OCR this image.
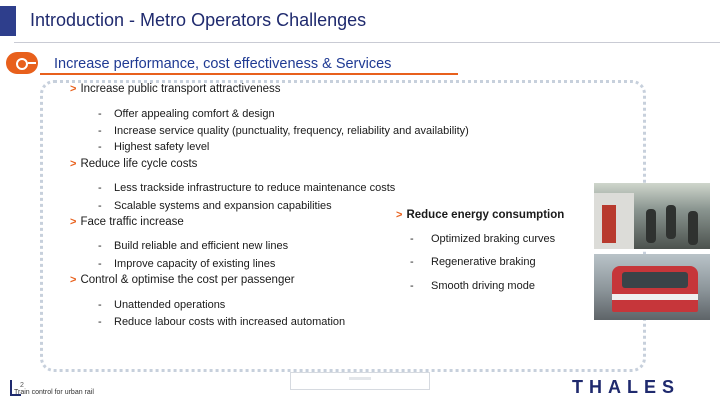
Introduction - Metro Operators Challenges
Increase performance, cost effectiveness & Services
> Increase public transport attractiveness
- Offer appealing comfort & design
- Increase service quality (punctuality, frequency, reliability and availability)
- Highest safety level
> Reduce life cycle costs
- Less trackside infrastructure to reduce maintenance costs
- Scalable systems and expansion capabilities
> Face traffic increase
- Build reliable and efficient new lines
- Improve capacity of existing lines
> Control & optimise the cost per passenger
- Unattended operations
- Reduce labour costs with increased automation
> Reduce energy consumption
- Optimized braking curves
- Regenerative braking
- Smooth driving mode
2
Train control for urban rail	THALES
